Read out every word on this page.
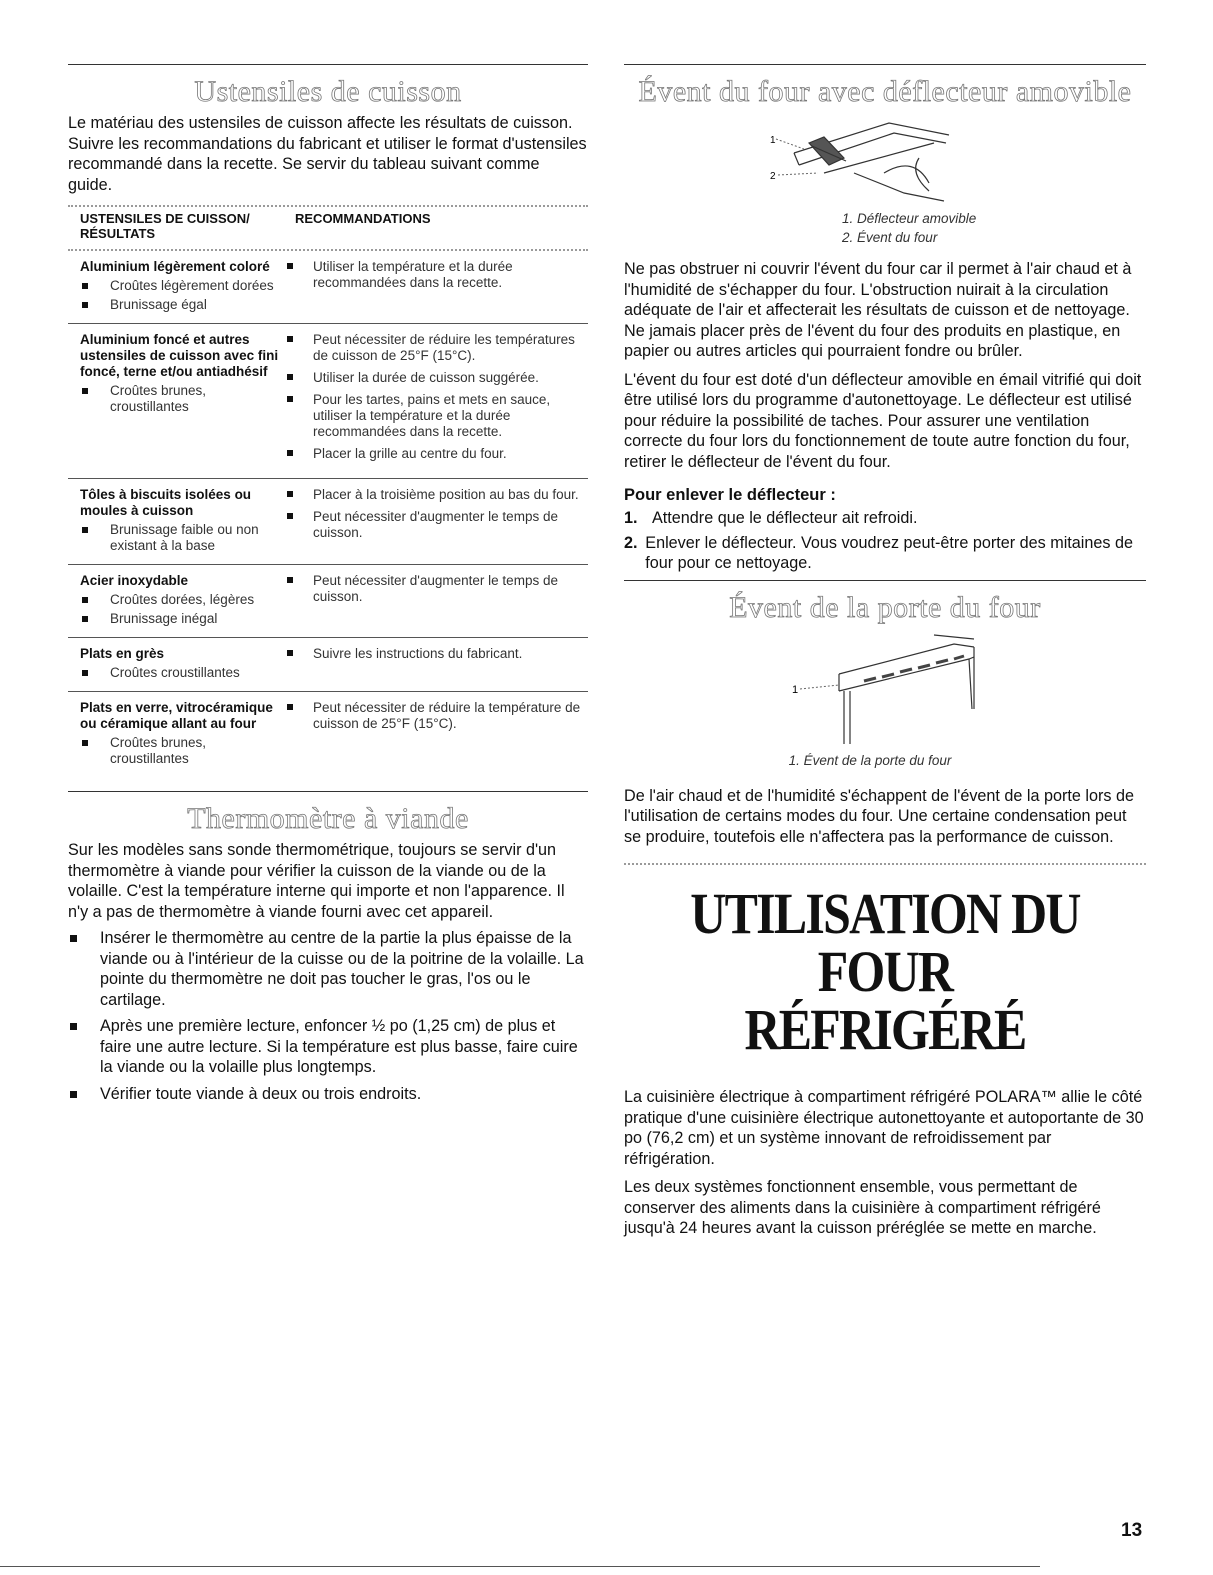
Ustensiles de cuisson

Le matériau des ustensiles de cuisson affecte les résultats de cuisson. Suivre les recommandations du fabricant et utiliser le format d'ustensiles recommandé dans la recette. Se servir du tableau suivant comme guide.

USTENSILES DE CUISSON/ RÉSULTATS
RECOMMANDATIONS
Aluminium légèrement coloré
Croûtes légèrement dorées
Brunissage égal
Utiliser la température et la durée recommandées dans la recette.
Aluminium foncé et autres ustensiles de cuisson avec fini foncé, terne et/ou antiadhésif
Croûtes brunes, croustillantes
Peut nécessiter de réduire les températures de cuisson de 25°F (15°C).
Utiliser la durée de cuisson suggérée.
Pour les tartes, pains et mets en sauce, utiliser la température et la durée recommandées dans la recette.
Placer la grille au centre du four.
Tôles à biscuits isolées ou moules à cuisson
Brunissage faible ou non existant à la base
Placer à la troisième position au bas du four.
Peut nécessiter d'augmenter le temps de cuisson.
Acier inoxydable
Croûtes dorées, légères
Brunissage inégal
Peut nécessiter d'augmenter le temps de cuisson.
Plats en grès
Croûtes croustillantes
Suivre les instructions du fabricant.
Plats en verre, vitrocéramique ou céramique allant au four
Croûtes brunes, croustillantes
Peut nécessiter de réduire la température de cuisson de 25°F (15°C).
Thermomètre à viande

Sur les modèles sans sonde thermométrique, toujours se servir d'un thermomètre à viande pour vérifier la cuisson de la viande ou de la volaille. C'est la température interne qui importe et non l'apparence. Il n'y a pas de thermomètre à viande fourni avec cet appareil.

Insérer le thermomètre au centre de la partie la plus épaisse de la viande ou à l'intérieur de la cuisse ou de la poitrine de la volaille. La pointe du thermomètre ne doit pas toucher le gras, l'os ou le cartilage.
Après une première lecture, enfoncer ½ po (1,25 cm) de plus et faire une autre lecture. Si la température est plus basse, faire cuire la viande ou la volaille plus longtemps.
Vérifier toute viande à deux ou trois endroits.
Évent du four avec déflecteur amovible
1
2
1. Déflecteur amovible
2. Évent du four

Ne pas obstruer ni couvrir l'évent du four car il permet à l'air chaud et à l'humidité de s'échapper du four. L'obstruction nuirait à la circulation adéquate de l'air et affecterait les résultats de cuisson et de nettoyage. Ne jamais placer près de l'évent du four des produits en plastique, en papier ou autres articles qui pourraient fondre ou brûler.

L'évent du four est doté d'un déflecteur amovible en émail vitrifié qui doit être utilisé lors du programme d'autonettoyage. Le déflecteur est utilisé pour réduire la possibilité de taches. Pour assurer une ventilation correcte du four lors du fonctionnement de toute autre fonction du four, retirer le déflecteur de l'évent du four.

Pour enlever le déflecteur :
1. Attendre que le déflecteur ait refroidi.
2. Enlever le déflecteur. Vous voudrez peut-être porter des mitaines de four pour ce nettoyage.
Évent de la porte du four
1
1. Évent de la porte du four

De l'air chaud et de l'humidité s'échappent de l'évent de la porte lors de l'utilisation de certains modes du four. Une certaine condensation peut se produire, toutefois elle n'affectera pas la performance de cuisson.

UTILISATION DU FOUR
RÉFRIGÉRÉ

La cuisinière électrique à compartiment réfrigéré POLARA™ allie le côté pratique d'une cuisinière électrique autonettoyante et autoportante de 30 po (76,2 cm) et un système innovant de refroidissement par réfrigération.

Les deux systèmes fonctionnent ensemble, vous permettant de conserver des aliments dans la cuisinière à compartiment réfrigéré jusqu'à 24 heures avant la cuisson préréglée se mette en marche.

13
